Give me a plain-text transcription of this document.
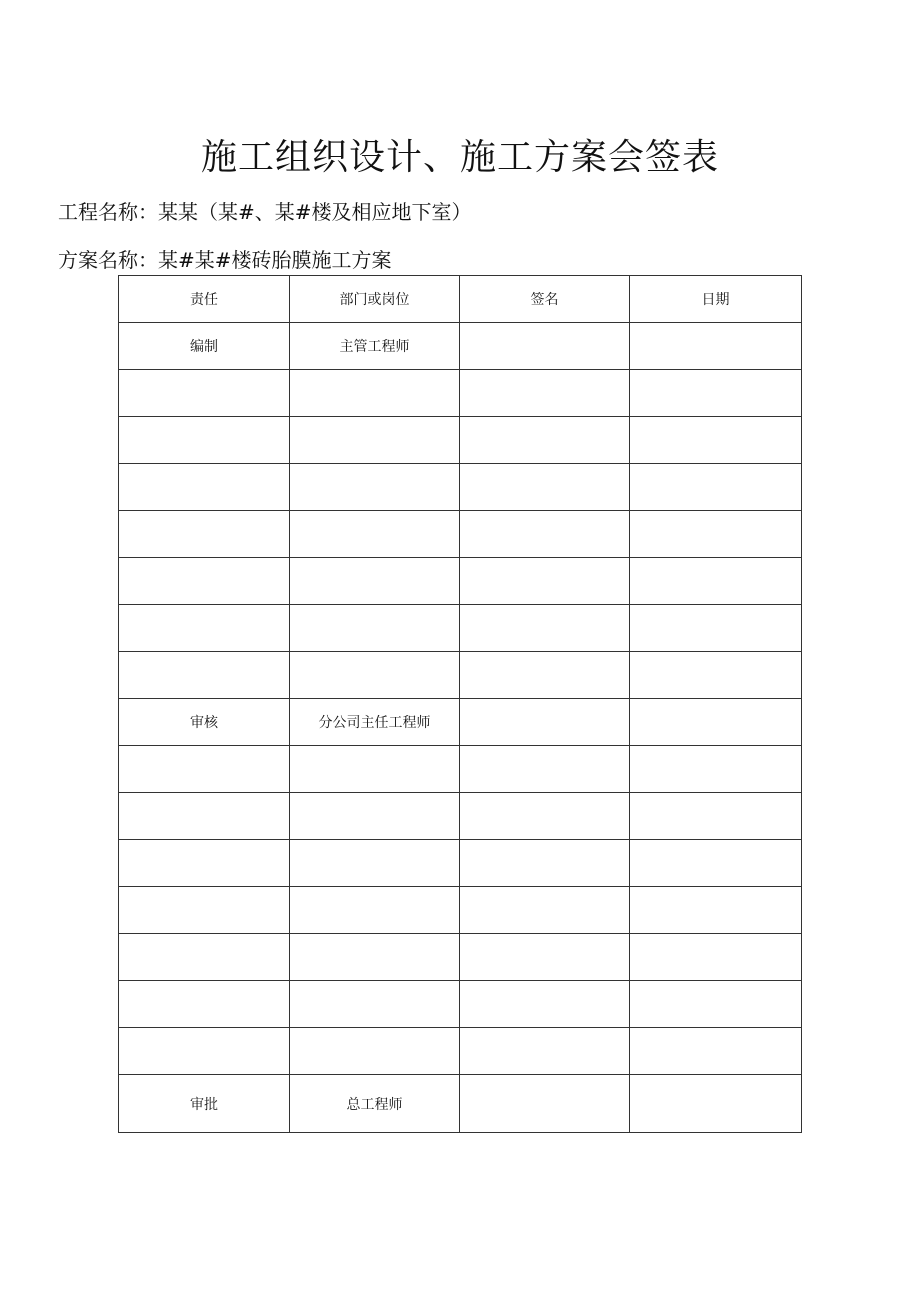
施工组织设计、施工方案会签表
工程名称：某某（某#、某#楼及相应地下室）
方案名称：某#某#楼砖胎膜施工方案
责任	部门或岗位	签名	日期
编制	主管工程师		

审核	分公司主任工程师		

审批	总工程师		
